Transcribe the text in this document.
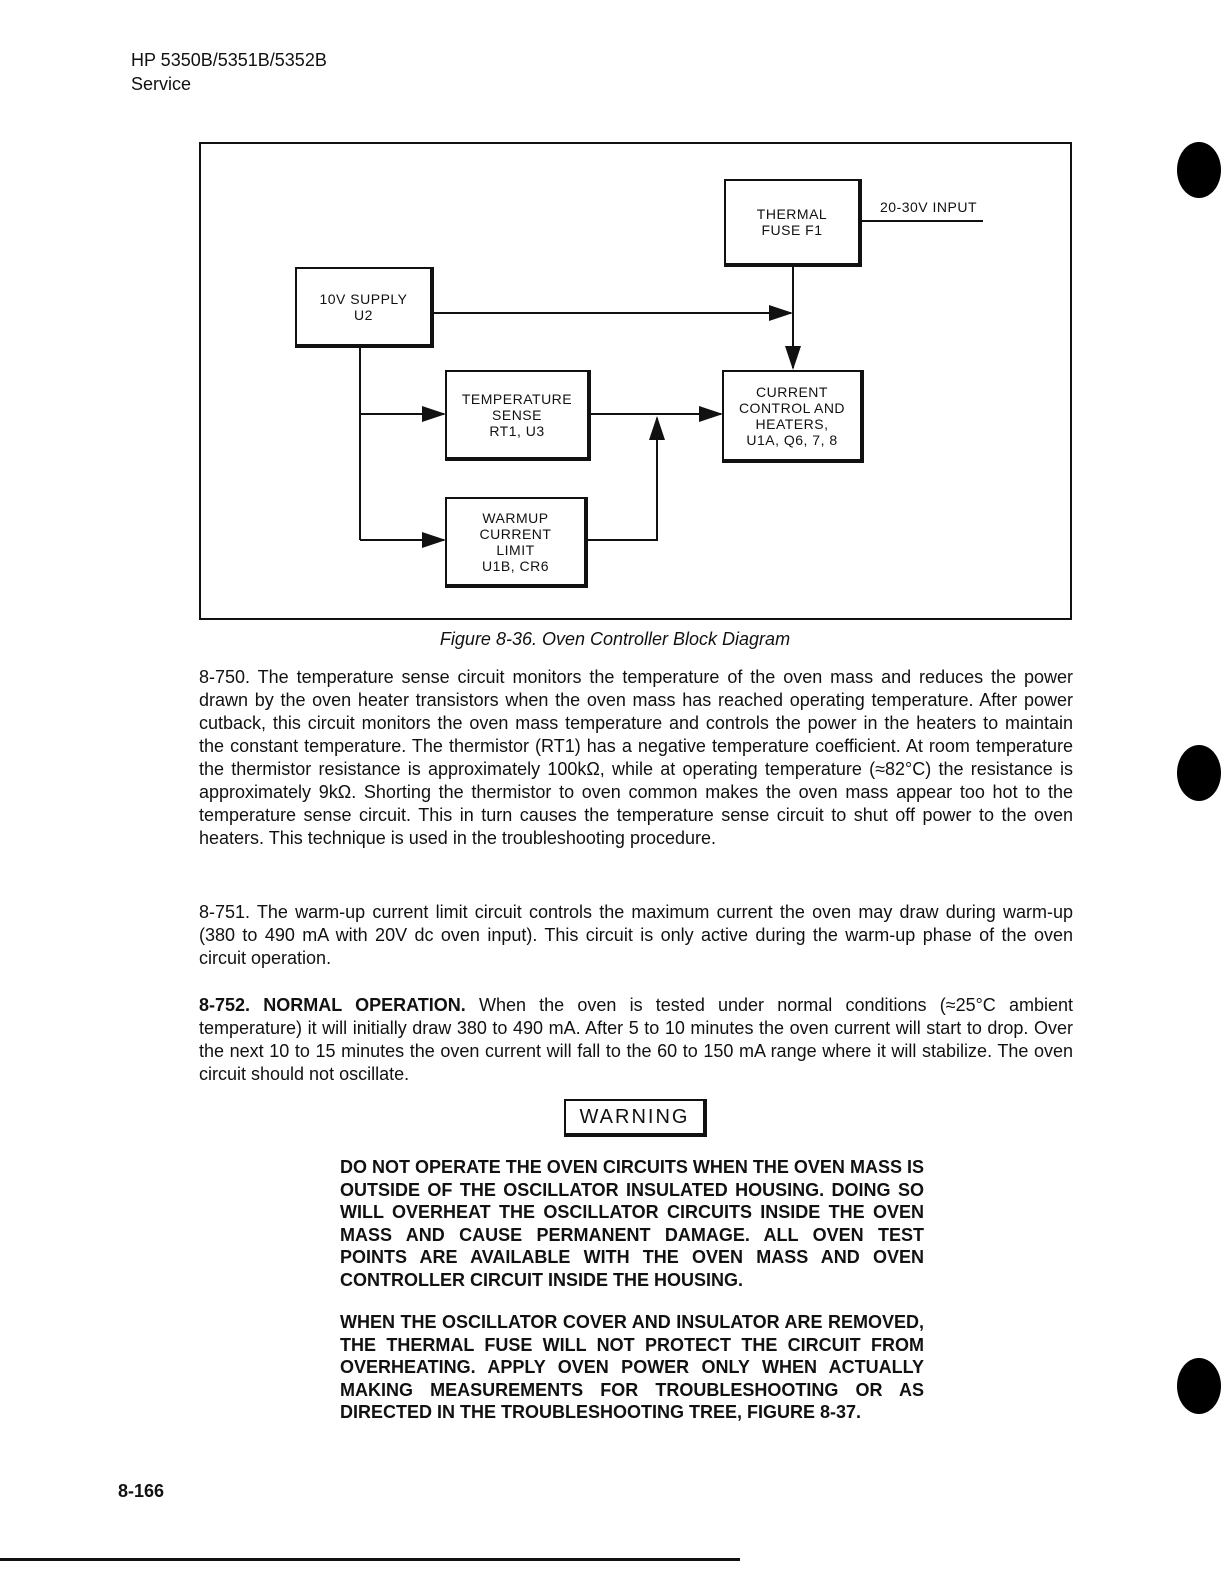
HP 5350B/5351B/5352B
Service
THERMAL
FUSE F1
20-30V INPUT
10V SUPPLY
U2
TEMPERATURE
SENSE
RT1, U3
CURRENT
CONTROL AND
HEATERS,
U1A, Q6, 7, 8
WARMUP
CURRENT
LIMIT
U1B, CR6
Figure 8-36. Oven Controller Block Diagram

8-750. The temperature sense circuit monitors the temperature of the oven mass and reduces the power drawn by the oven heater transistors when the oven mass has reached operating temperature. After power cutback, this circuit monitors the oven mass temperature and controls the power in the heaters to maintain the constant temperature. The thermistor (RT1) has a negative temperature coefficient. At room temperature the thermistor resistance is approximately 100kΩ, while at operating temperature (≈82°C) the resistance is approximately 9kΩ. Shorting the thermistor to oven common makes the oven mass appear too hot to the temperature sense circuit. This in turn causes the temperature sense circuit to shut off power to the oven heaters. This technique is used in the troubleshooting procedure.

8-751. The warm-up current limit circuit controls the maximum current the oven may draw during warm-up (380 to 490 mA with 20V dc oven input). This circuit is only active during the warm-up phase of the oven circuit operation.

8-752. NORMAL OPERATION. When the oven is tested under normal conditions (≈25°C ambient temperature) it will initially draw 380 to 490 mA. After 5 to 10 minutes the oven current will start to drop. Over the next 10 to 15 minutes the oven current will fall to the 60 to 150 mA range where it will stabilize. The oven circuit should not oscillate.

WARNING

DO NOT OPERATE THE OVEN CIRCUITS WHEN THE OVEN MASS IS OUTSIDE OF THE OSCILLATOR INSULATED HOUSING. DOING SO WILL OVERHEAT THE OSCILLATOR CIRCUITS INSIDE THE OVEN MASS AND CAUSE PERMANENT DAMAGE. ALL OVEN TEST POINTS ARE AVAILABLE WITH THE OVEN MASS AND OVEN CONTROLLER CIRCUIT INSIDE THE HOUSING.

WHEN THE OSCILLATOR COVER AND INSULATOR ARE REMOVED, THE THERMAL FUSE WILL NOT PROTECT THE CIRCUIT FROM OVERHEATING. APPLY OVEN POWER ONLY WHEN ACTUALLY MAKING MEASUREMENTS FOR TROUBLESHOOTING OR AS DIRECTED IN THE TROUBLESHOOTING TREE, FIGURE 8-37.

8-166
